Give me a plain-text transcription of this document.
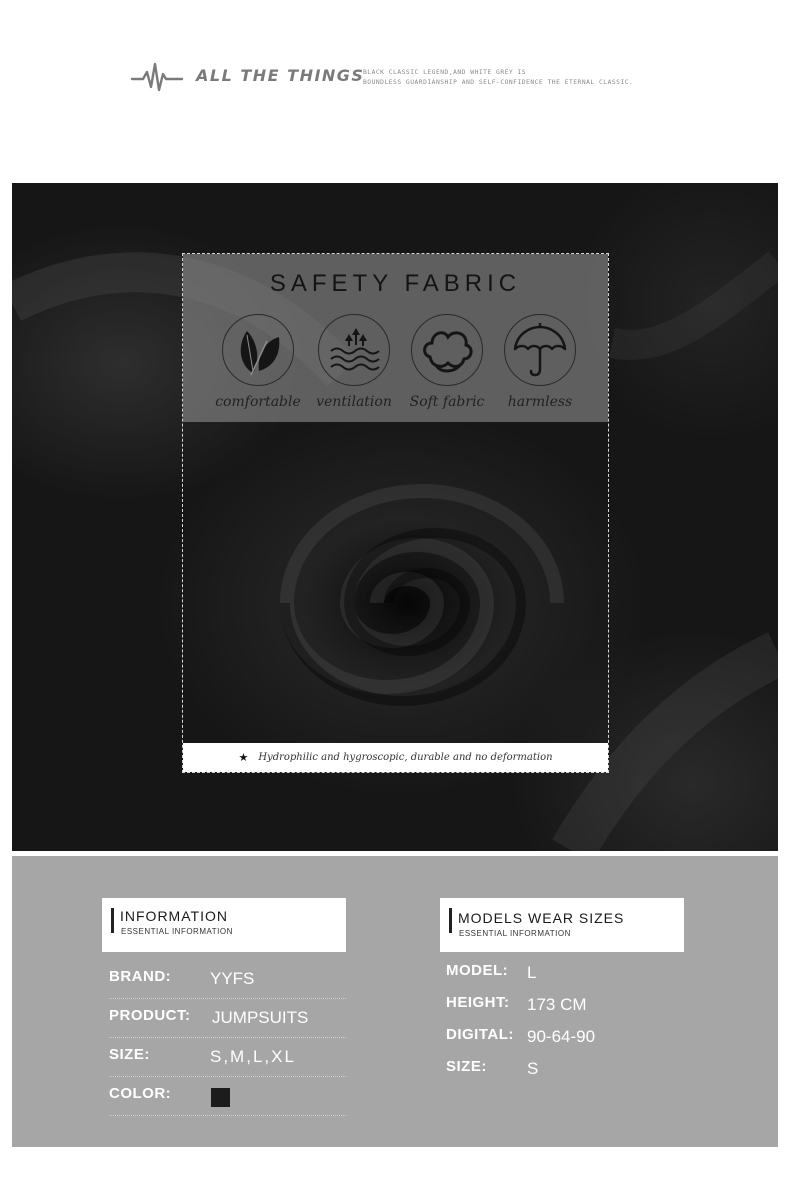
ALL THE THINGS
BLACK CLASSIC LEGEND,AND WHITE GREY IS
BOUNDLESS GUARDIANSHIP AND SELF-CONFIDENCE THE ETERNAL CLASSIC.
SAFETY FABRIC
comfortable	ventilation	Soft fabric	harmless
★ Hydrophilic and hygroscopic, durable and no deformation
INFORMATION
ESSENTIAL INFORMATION
BRAND: YYFS
PRODUCT: JUMPSUITS
SIZE:	S,M,L,XL
COLOR:
MODELS WEAR SIZES
ESSENTIAL INFORMATION
MODEL: L
HEIGHT: 173 CM
DIGITAL: 90-64-90
SIZE: S
